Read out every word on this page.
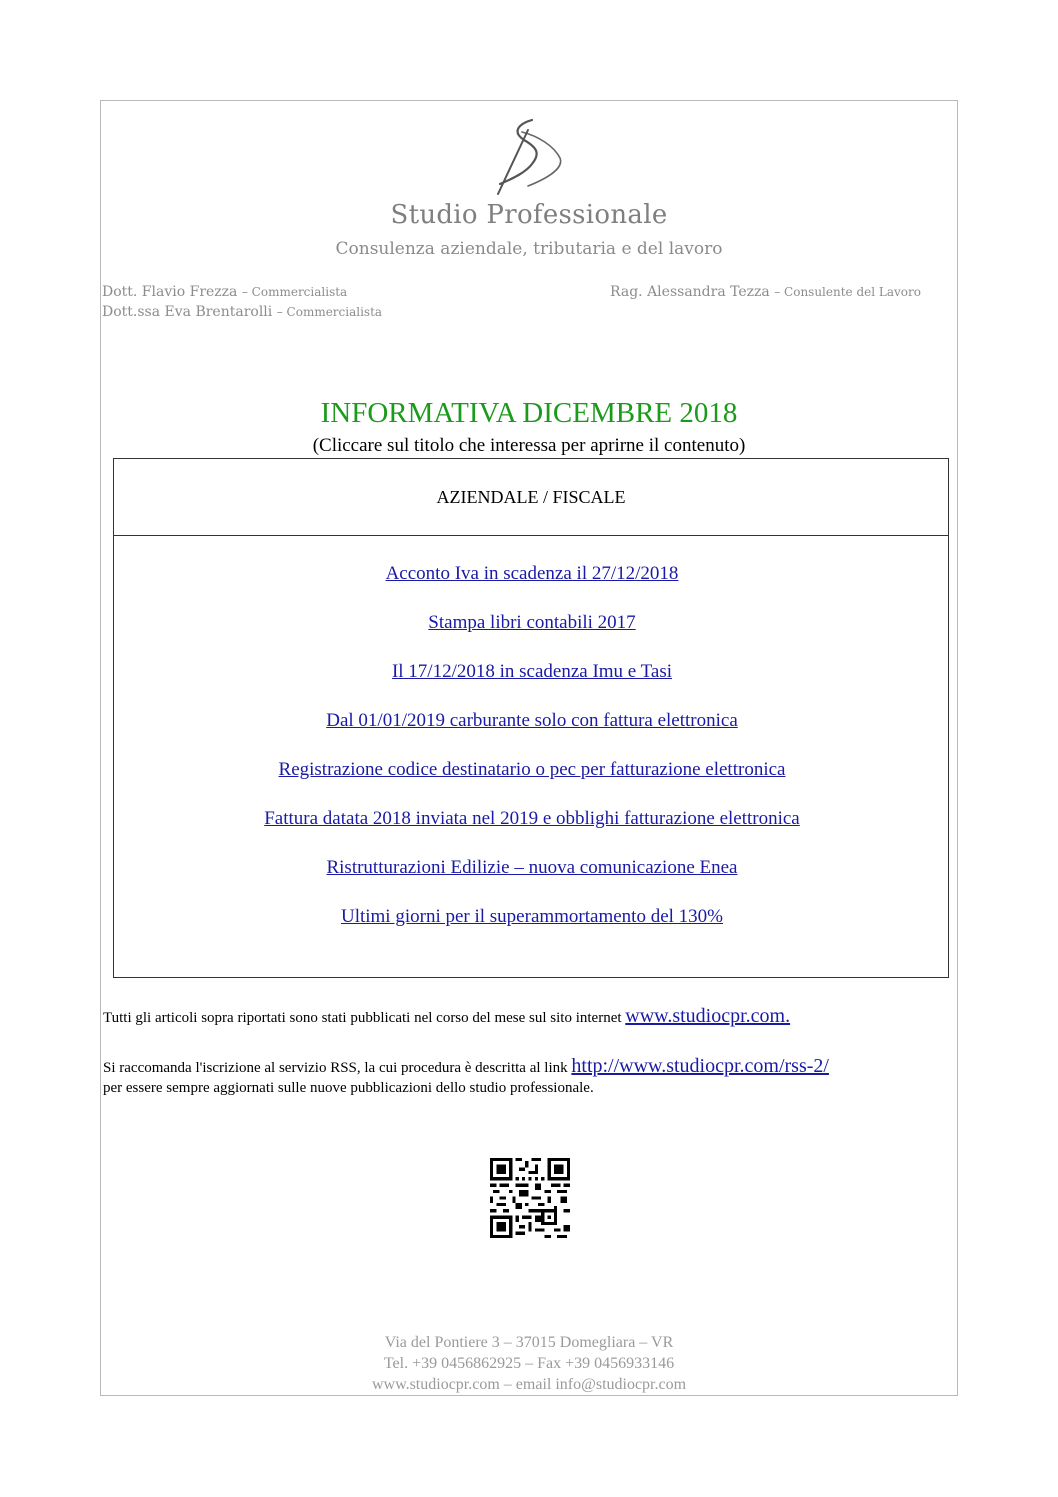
Studio Professionale
Consulenza aziendale, tributaria e del lavoro
Dott. Flavio Frezza – Commercialista
Dott.ssa Eva Brentarolli – Commercialista
Rag. Alessandra Tezza – Consulente del Lavoro
INFORMATIVA DICEMBRE 2018
(Cliccare sul titolo che interessa per aprirne il contenuto)
AZIENDALE / FISCALE
Acconto Iva in scadenza il 27/12/2018
Stampa libri contabili 2017
Il 17/12/2018 in scadenza Imu e Tasi
Dal 01/01/2019 carburante solo con fattura elettronica
Registrazione codice destinatario o pec per fatturazione elettronica
Fattura datata 2018 inviata nel 2019 e obblighi fatturazione elettronica
Ristrutturazioni Edilizie – nuova comunicazione Enea
Ultimi giorni per il superammortamento del 130%
Tutti gli articoli sopra riportati sono stati pubblicati nel corso del mese sul sito internet www.studiocpr.com.
Si raccomanda l'iscrizione al servizio RSS, la cui procedura è descritta al link http://www.studiocpr.com/rss-2/
per essere sempre aggiornati sulle nuove pubblicazioni dello studio professionale.
Via del Pontiere 3 – 37015 Domegliara – VR
Tel. +39 0456862925 – Fax +39 0456933146
www.studiocpr.com – email info@studiocpr.com
